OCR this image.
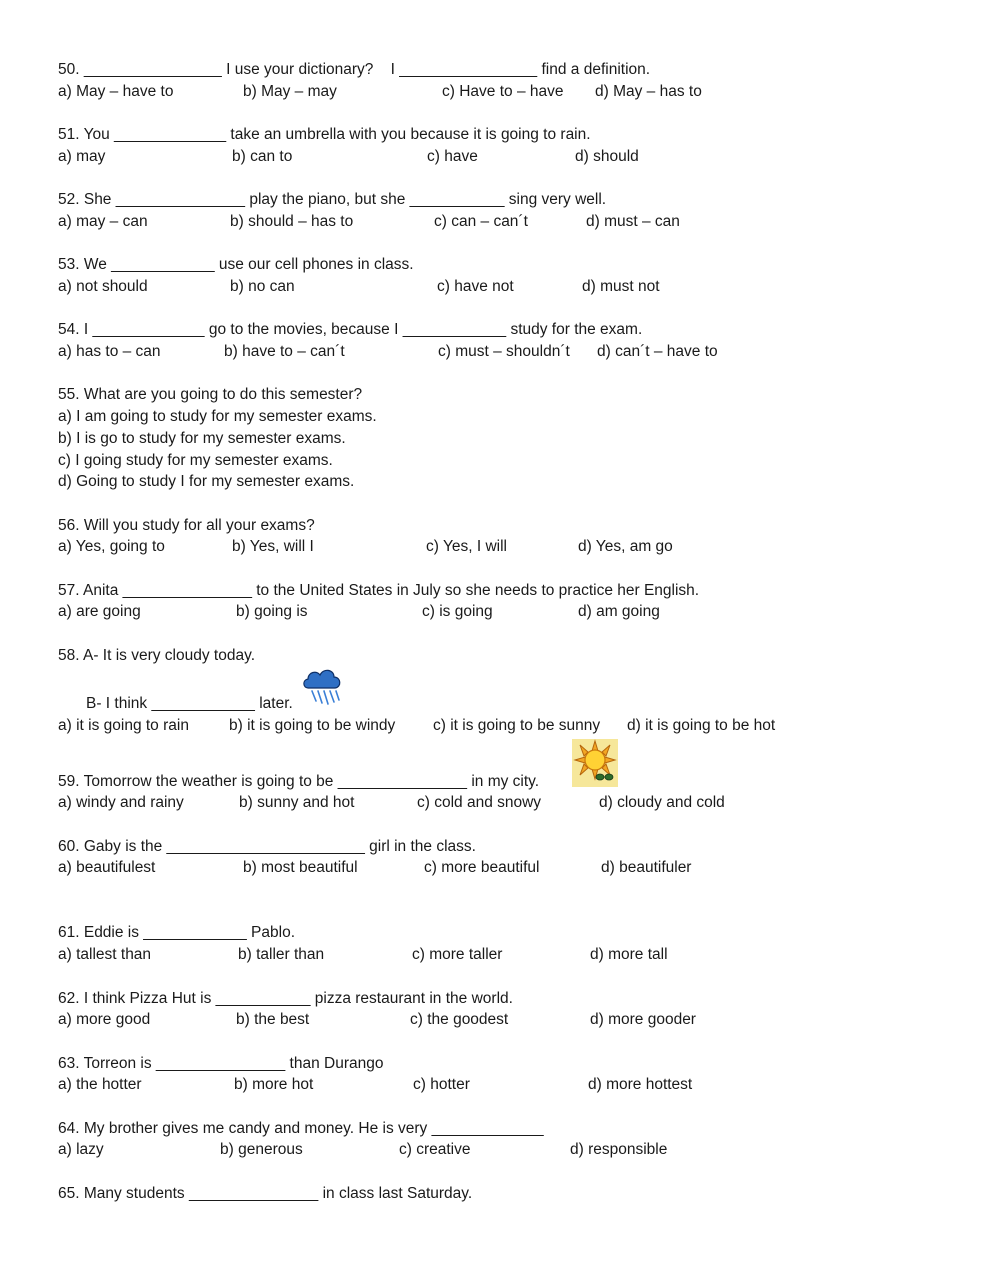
50. ________________ I use your dictionary?    I ________________ find a definition.
a) May – have to	b) May – may	c) Have to – have d) May – has to
51. You _____________ take an umbrella with you because it is going to rain.
a) may	b) can to	c) have	d) should
52. She _______________ play the piano, but she ___________ sing very well.
a) may – can	b) should – has to	c) can – can´t	d) must – can
53. We ____________ use our cell phones in class.
a) not should	b) no can	c) have not	d) must not
54. I _____________ go to the movies, because I ____________ study for the exam.
a) has to – can	b) have to – can´t	c) must – shouldn´t d) can´t – have to
55. What are you going to do this semester?
a) I am going to study for my semester exams.
b) I is go to study for my semester exams.
c) I going study for my semester exams.
d) Going to study I for my semester exams.
56. Will you study for all your exams?
a) Yes, going to	b) Yes, will I	c) Yes, I will	d) Yes, am go
57. Anita _______________ to the United States in July so she needs to practice her English.
a) are going	b) going is	c) is going	d) am going
58. A- It is very cloudy today.
B- I think ____________ later.
a) it is going to rain	b) it is going to be windy c) it is going to be sunny d) it is going to be hot
59. Tomorrow the weather is going to be _______________ in my city.
a) windy and rainy	b) sunny and hot	c) cold and snowy	d) cloudy and cold
60. Gaby is the _______________________ girl in the class.
a) beautifulest	b) most beautiful	c) more beautiful	d) beautifuler
61. Eddie is ____________ Pablo.
a) tallest than	b) taller than	c) more taller	d) more tall
62. I think Pizza Hut is ___________ pizza restaurant in the world.
a) more good	b) the best	c) the goodest	d) more gooder
63. Torreon is _______________ than Durango
a) the hotter	b) more hot	c) hotter	d) more hottest
64. My brother gives me candy and money. He is very _____________
a) lazy	b) generous	c) creative	d) responsible
65. Many students _______________ in class last Saturday.
